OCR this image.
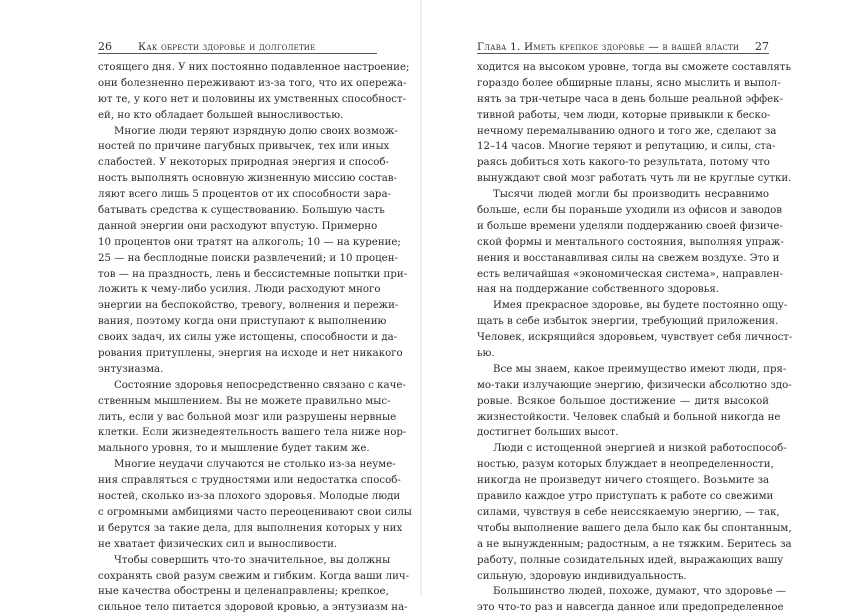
26 Как обрести здоровье и долголетие
стоящего дня. У них постоянно подавленное настроение;
они болезненно переживают из-за того, что их опережа-
ют те, у кого нет и половины их умственных способност-
ей, но кто обладает большей выносливостью.
Многие люди теряют изрядную долю своих возмож-
ностей по причине пагубных привычек, тех или иных
слабостей. У некоторых природная энергия и способ-
ность выполнять основную жизненную миссию состав-
ляют всего лишь 5 процентов от их способности зара-
батывать средства к существованию. Большую часть
данной энергии они расходуют впустую. Примерно
10 процентов они тратят на алкоголь; 10 — на курение;
25 — на бесплодные поиски развлечений; и 10 процен-
тов — на праздность, лень и бессистемные попытки при-
ложить к чему-либо усилия. Люди расходуют много
энергии на беспокойство, тревогу, волнения и пережи-
вания, поэтому когда они приступают к выполнению
своих задач, их силы уже истощены, способности и да-
рования притуплены, энергия на исходе и нет никакого
энтузиазма.
Состояние здоровья непосредственно связано с каче-
ственным мышлением. Вы не можете правильно мыс-
лить, если у вас больной мозг или разрушены нервные
клетки. Если жизнедеятельность вашего тела ниже нор-
мального уровня, то и мышление будет таким же.
Многие неудачи случаются не столько из-за неуме-
ния справляться с трудностями или недостатка способ-
ностей, сколько из-за плохого здоровья. Молодые люди
с огромными амбициями часто переоценивают свои силы
и берутся за такие дела, для выполнения которых у них
не хватает физических сил и выносливости.
Чтобы совершить что-то значительное, вы должны
сохранять свой разум свежим и гибким. Когда ваши лич-
ные качества обострены и целенаправлены; крепкое,
сильное тело питается здоровой кровью, а энтузиазм на-
Глава 1. Иметь крепкое здоровье — в вашей власти	27
ходится на высоком уровне, тогда вы сможете составлять
гораздо более обширные планы, ясно мыслить и выпол-
нять за три-четыре часа в день больше реальной эффек-
тивной работы, чем люди, которые привыкли к беско-
нечному перемалыванию одного и того же, сделают за
12–14 часов. Многие теряют и репутацию, и силы, ста-
раясь добиться хоть какого-то результата, потому что
вынуждают свой мозг работать чуть ли не круглые сутки.
Тысячи людей могли бы производить несравнимо
больше, если бы пораньше уходили из офисов и заводов
и больше времени уделяли поддержанию своей физиче-
ской формы и ментального состояния, выполняя упраж-
нения и восстанавливая силы на свежем воздухе. Это и
есть величайшая «экономическая система», направлен-
ная на поддержание собственного здоровья.
Имея прекрасное здоровье, вы будете постоянно ощу-
щать в себе избыток энергии, требующий приложения.
Человек, искрящийся здоровьем, чувствует себя личност-
ью.
Все мы знаем, какое преимущество имеют люди, пря-
мо-таки излучающие энергию, физически абсолютно здо-
ровые. Всякое большое достижение — дитя высокой
жизнестойкости. Человек слабый и больной никогда не
достигнет больших высот.
Люди с истощенной энергией и низкой работоспособ-
ностью, разум которых блуждает в неопределенности,
никогда не произведут ничего стоящего. Возьмите за
правило каждое утро приступать к работе со свежими
силами, чувствуя в себе неиссякаемую энергию, — так,
чтобы выполнение вашего дела было как бы спонтанным,
а не вынужденным; радостным, а не тяжким. Беритесь за
работу, полные созидательных идей, выражающих вашу
сильную, здоровую индивидуальность.
Большинство людей, похоже, думают, что здоровье —
это что-то раз и навсегда данное или предопределенное
